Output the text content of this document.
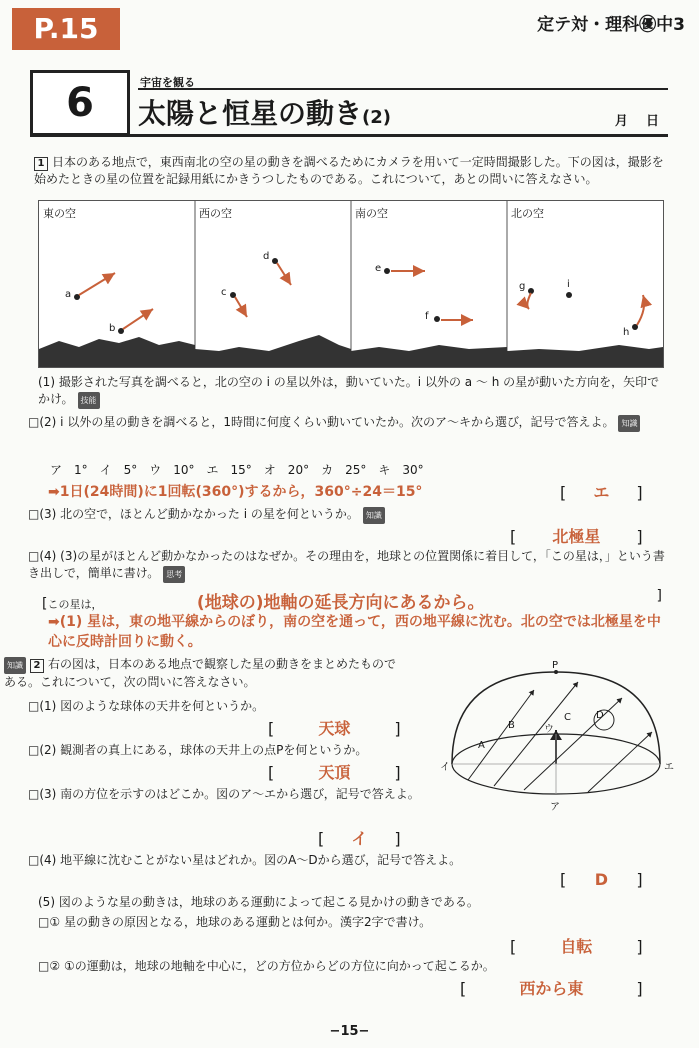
P.15	定テ対・理科㊝中3
6	宇宙を観る
太陽と恒星の動き(2)	月 日
1 日本のある地点で，東西南北の空の星の動きを調べるためにカメラを用いて一定時間撮影した。下の図は，撮影を始めたときの星の位置を記録用紙にかきうつしたものである。これについて，あとの問いに答えなさい。
東の空	西の空	南の空	北の空
a
b
c
d
e
f
g	i
h
(1) 撮影された写真を調べると，北の空の i の星以外は，動いていた。i 以外の a ～ h の星が動いた方向を，矢印でかけ。 技能
□(2) i 以外の星の動きを調べると，1時間に何度くらい動いていたか。次のア～キから選び，記号で答えよ。 知識
ア　1°　イ　5°　ウ　10°　エ　15°　オ　20°　カ　25°　キ　30°
➡1日(24時間)に1回転(360°)するから，360°÷24＝15°	[ エ ]
□(3) 北の空で，ほとんど動かなかった i の星を何というか。 知識
[ 北極星 ]
□(4) (3)の星がほとんど動かなかったのはなぜか。その理由を，地球との位置関係に着目して，「この星は，」という書き出しで，簡単に書け。 思考
[この星は，	(地球の)地軸の延長方向にあるから。	]
➡(1) 星は，東の地平線からのぼり，南の空を通って，西の地平線に沈む。北の空では北極星を中心に反時計回りに動く。
知識 2 右の図は，日本のある地点で観察した星の動きをまとめたものである。これについて，次の問いに答えなさい。
P
A
B
C	D
ア
イ
ウ
エ
□(1) 図のような球体の天井を何というか。
[ 天球 ]
□(2) 観測者の真上にある，球体の天井上の点Pを何というか。
[ 天頂 ]
□(3) 南の方位を示すのはどこか。図のア～エから選び，記号で答えよ。
[ イ ]
□(4) 地平線に沈むことがない星はどれか。図のA～Dから選び，記号で答えよ。
[ D ]
(5) 図のような星の動きは，地球のある運動によって起こる見かけの動きである。
□① 星の動きの原因となる，地球のある運動とは何か。漢字2字で書け。
[ 自転 ]
□② ①の運動は，地球の地軸を中心に，どの方位からどの方位に向かって起こるか。
[	西から東	]
−15−
